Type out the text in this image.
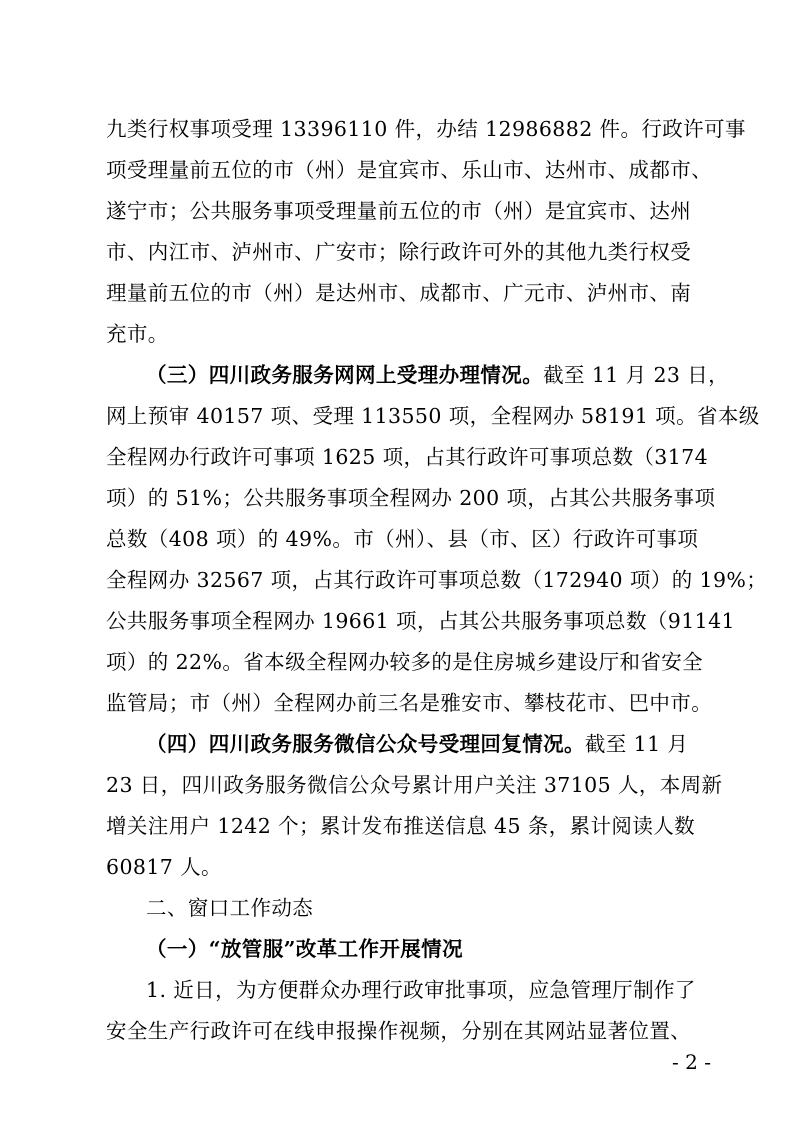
九类行权事项受理 13396110 件，办结 12986882 件。行政许可事
项受理量前五位的市（州）是宜宾市、乐山市、达州市、成都市、
遂宁市；公共服务事项受理量前五位的市（州）是宜宾市、达州
市、内江市、泸州市、广安市；除行政许可外的其他九类行权受
理量前五位的市（州）是达州市、成都市、广元市、泸州市、南
充市。
（三）四川政务服务网网上受理办理情况。截至 11 月 23 日，
网上预审 40157 项、受理 113550 项，全程网办 58191 项。省本级
全程网办行政许可事项 1625 项，占其行政许可事项总数（3174
项）的 51%；公共服务事项全程网办 200 项，占其公共服务事项
总数（408 项）的 49%。市（州）、县（市、区）行政许可事项
全程网办 32567 项，占其行政许可事项总数（172940 项）的 19%；
公共服务事项全程网办 19661 项，占其公共服务事项总数（91141
项）的 22%。省本级全程网办较多的是住房城乡建设厅和省安全
监管局；市（州）全程网办前三名是雅安市、攀枝花市、巴中市。
（四）四川政务服务微信公众号受理回复情况。截至 11 月
23 日，四川政务服务微信公众号累计用户关注 37105 人，本周新
增关注用户 1242 个；累计发布推送信息 45 条，累计阅读人数
60817 人。
二、窗口工作动态
（一）“放管服”改革工作开展情况
1. 近日，为方便群众办理行政审批事项，应急管理厅制作了
安全生产行政许可在线申报操作视频，分别在其网站显著位置、
- 2 -
